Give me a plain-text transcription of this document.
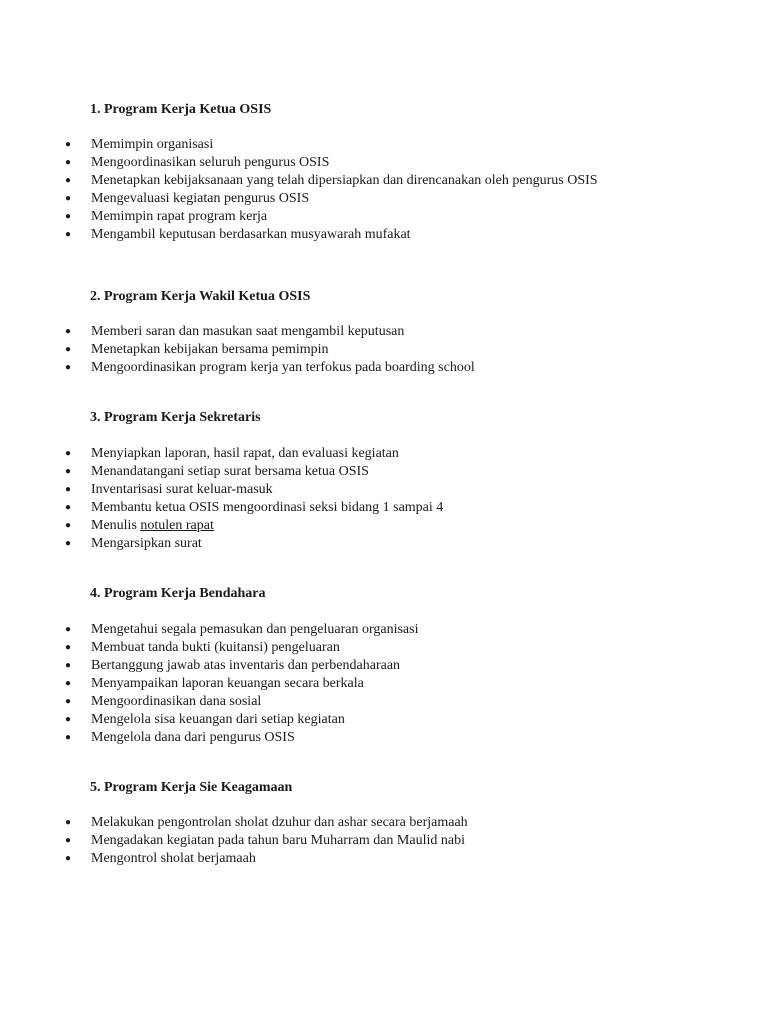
1. Program Kerja Ketua OSIS
● Memimpin organisasi
● Mengoordinasikan seluruh pengurus OSIS
● Menetapkan kebijaksanaan yang telah dipersiapkan dan direncanakan oleh pengurus OSIS
● Mengevaluasi kegiatan pengurus OSIS
● Memimpin rapat program kerja
● Mengambil keputusan berdasarkan musyawarah mufakat
2. Program Kerja Wakil Ketua OSIS
● Memberi saran dan masukan saat mengambil keputusan
● Menetapkan kebijakan bersama pemimpin
● Mengoordinasikan program kerja yan terfokus pada boarding school
3. Program Kerja Sekretaris
● Menyiapkan laporan, hasil rapat, dan evaluasi kegiatan
● Menandatangani setiap surat bersama ketua OSIS
● Inventarisasi surat keluar-masuk
● Membantu ketua OSIS mengoordinasi seksi bidang 1 sampai 4
● Menulis notulen rapat
● Mengarsipkan surat
4. Program Kerja Bendahara
● Mengetahui segala pemasukan dan pengeluaran organisasi
● Membuat tanda bukti (kuitansi) pengeluaran
● Bertanggung jawab atas inventaris dan perbendaharaan
● Menyampaikan laporan keuangan secara berkala
● Mengoordinasikan dana sosial
● Mengelola sisa keuangan dari setiap kegiatan
● Mengelola dana dari pengurus OSIS
5. Program Kerja Sie Keagamaan
● Melakukan pengontrolan sholat dzuhur dan ashar secara berjamaah
● Mengadakan kegiatan pada tahun baru Muharram dan Maulid nabi
● Mengontrol sholat berjamaah
